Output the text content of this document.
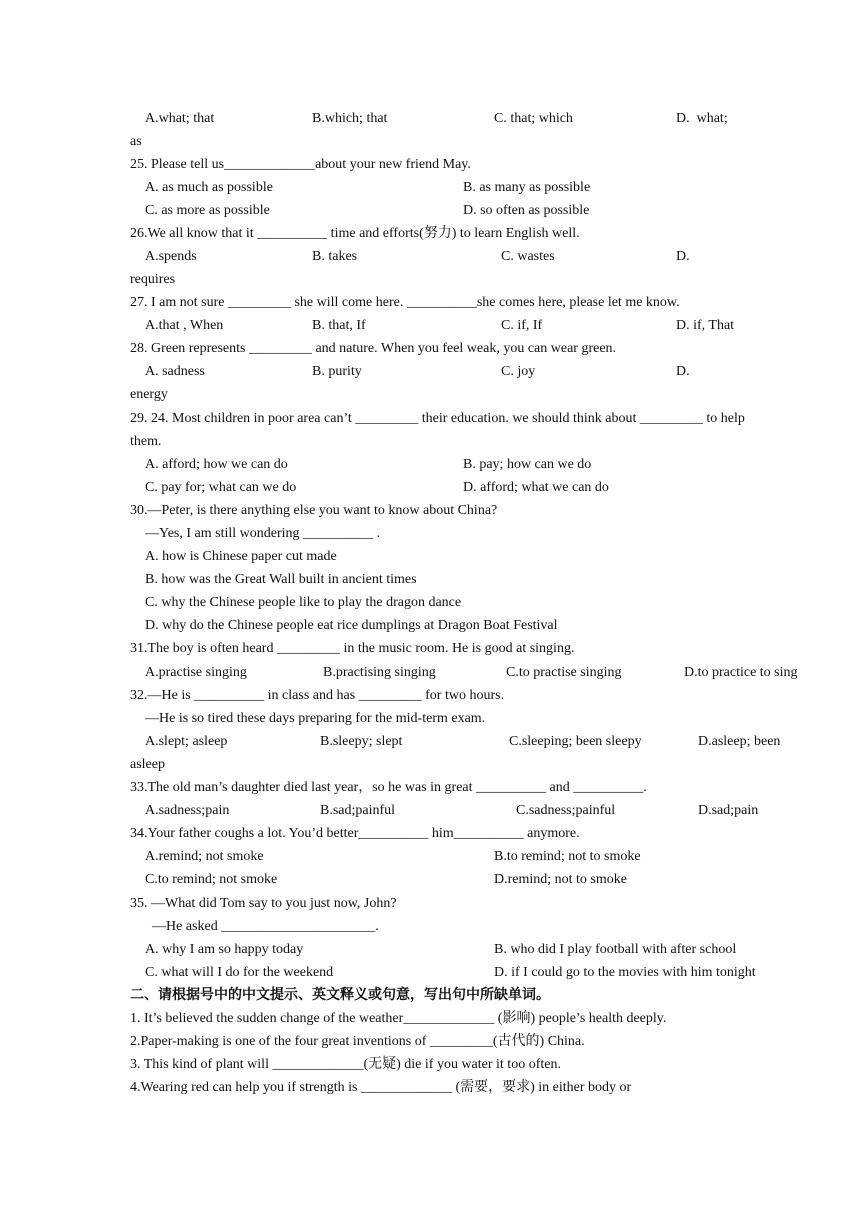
A.what; that	B.which; that	C. that; which	D.  what;
as
25. Please tell us_____________about your new friend May.
A. as much as possible	B. as many as possible
C. as more as possible	D. so often as possible
26.We all know that it __________ time and efforts(努力) to learn English well.
A.spends	B. takes	C. wastes	D.
requires
27. I am not sure _________ she will come here. __________she comes here, please let me know.
A.that , When	B. that, If	C. if, If	D. if, That
28. Green represents _________ and nature. When you feel weak, you can wear green.
A. sadness	B. purity	C. joy	D.
energy
29. 24. Most children in poor area can’t _________ their education. we should think about _________ to help
them.
A. afford; how we can do	B. pay; how can we do
C. pay for; what can we do	D. afford; what we can do
30.—Peter, is there anything else you want to know about China?
—Yes, I am still wondering __________ .
A. how is Chinese paper cut made
B. how was the Great Wall built in ancient times
C. why the Chinese people like to play the dragon dance
D. why do the Chinese people eat rice dumplings at Dragon Boat Festival
31.The boy is often heard _________ in the music room. He is good at singing.
A.practise singing	B.practising singing	C.to practise singing	D.to practice to sing
32.—He is __________ in class and has _________ for two hours.
—He is so tired these days preparing for the mid-term exam.
A.slept; asleep	B.sleepy; slept	C.sleeping; been sleepy	D.asleep; been
asleep
33.The old man’s daughter died last year，so he was in great __________ and __________.
A.sadness;pain	B.sad;painful	C.sadness;painful	D.sad;pain
34.Your father coughs a lot. You’d better__________ him__________ anymore.
A.remind; not smoke	B.to remind; not to smoke
C.to remind; not smoke	D.remind; not to smoke
35. —What did Tom say to you just now, John?
—He asked ______________________.
A. why I am so happy today	B. who did I play football with after school
C. what will I do for the weekend	D. if I could go to the movies with him tonight
二、请根据号中的中文提示、英文释义或句意，写出句中所缺单词。
1. It’s believed the sudden change of the weather_____________ (影响) people’s health deeply.
2.Paper-making is one of the four great inventions of _________(古代的) China.
3. This kind of plant will _____________(无疑) die if you water it too often.
4.Wearing red can help you if strength is _____________ (需要，要求) in either body or
